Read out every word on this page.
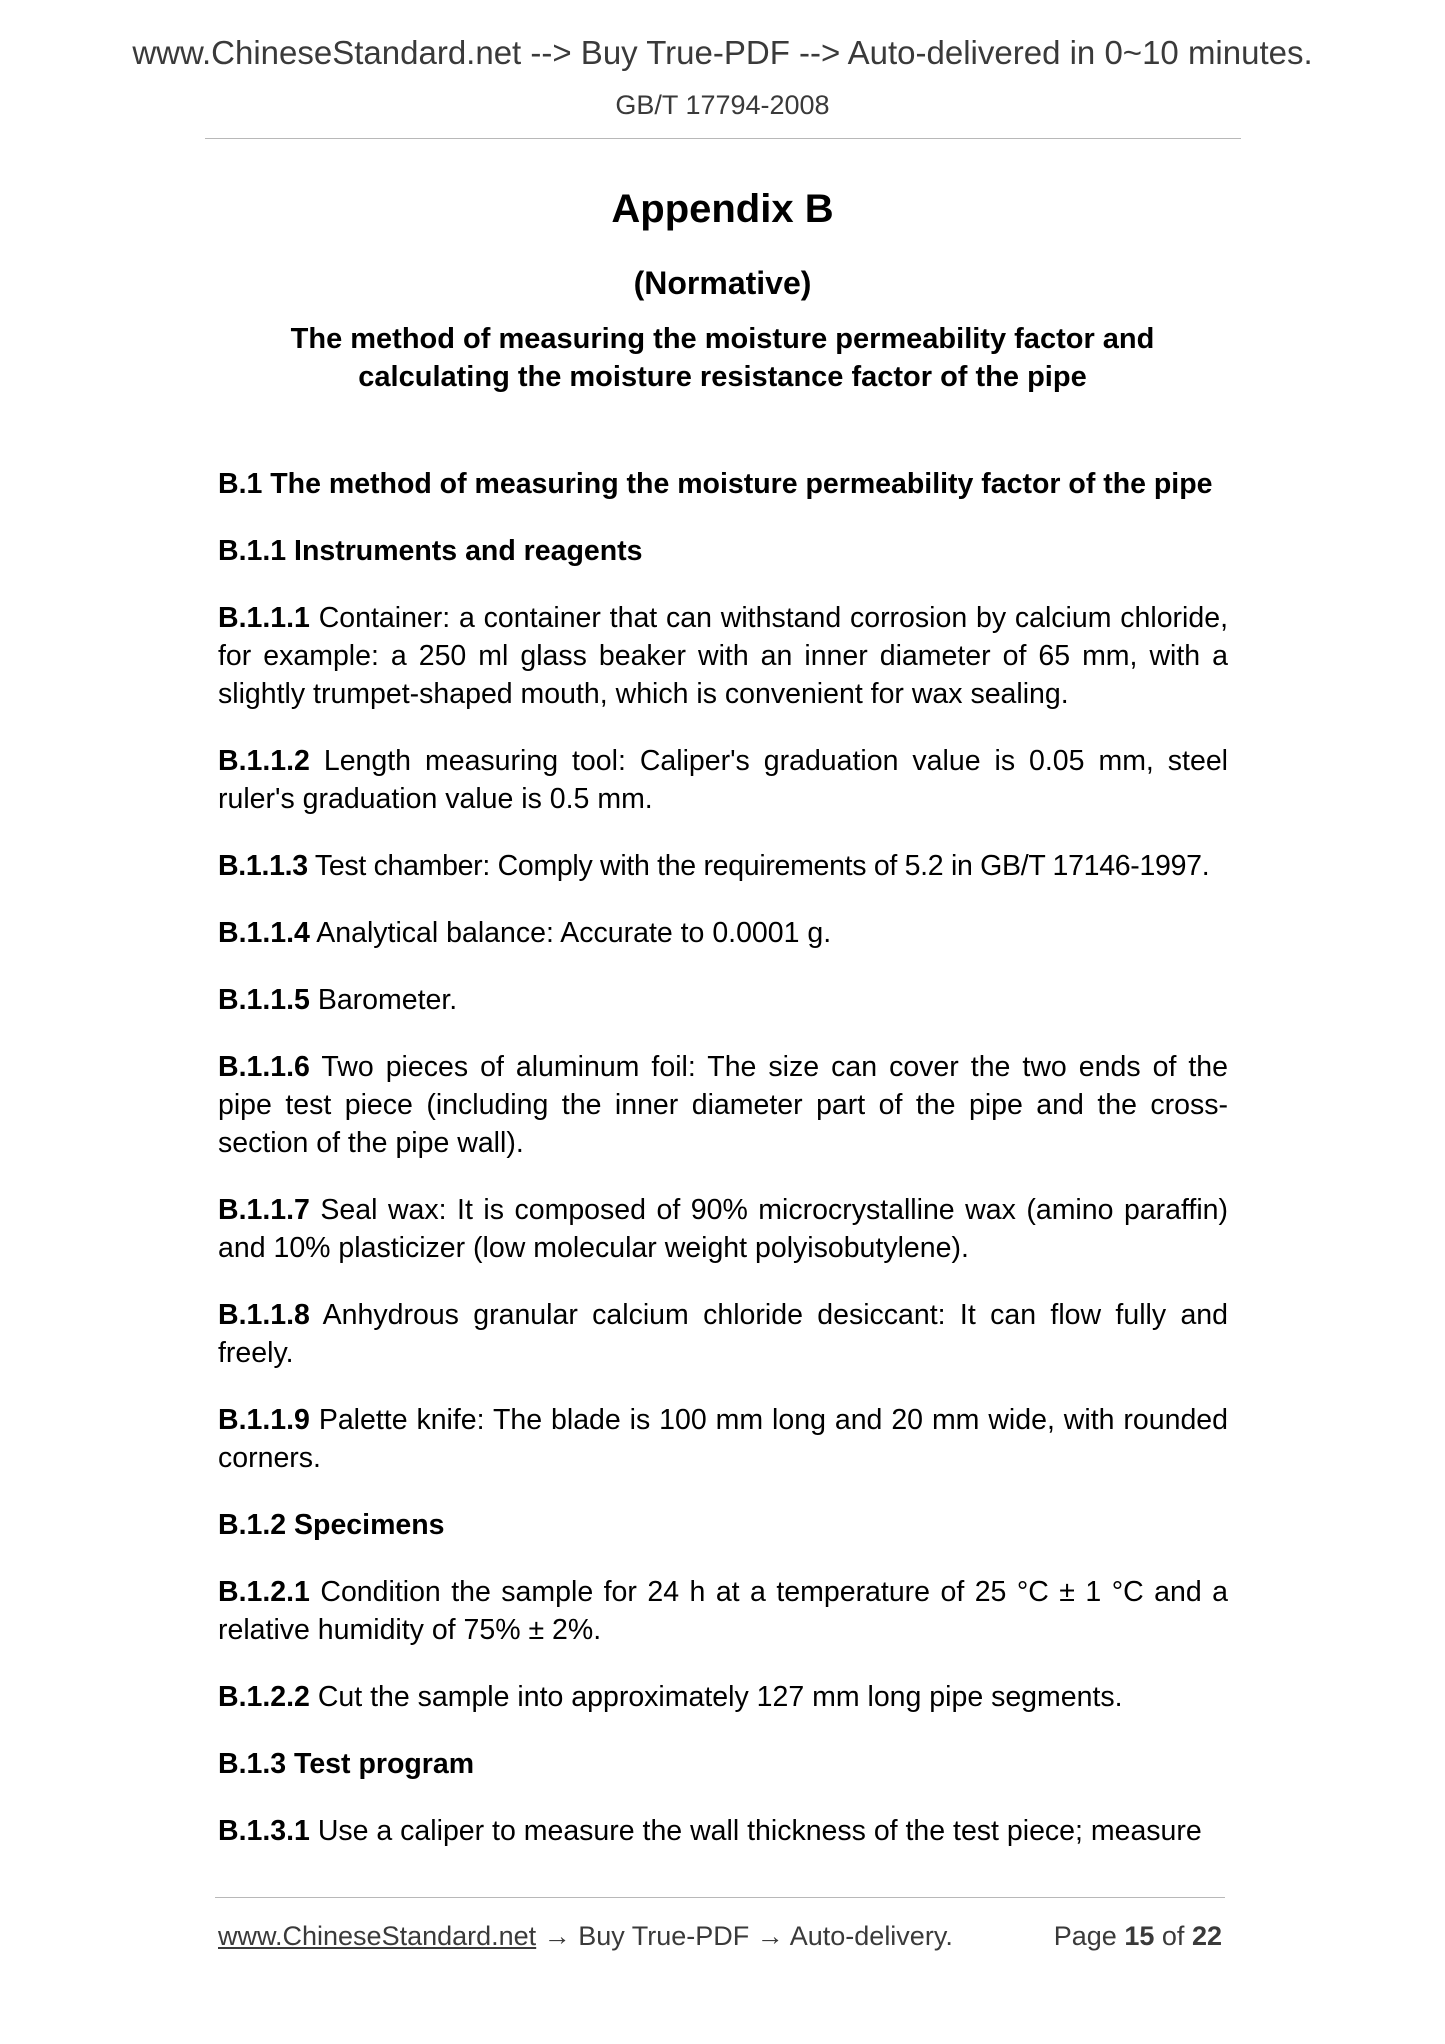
www.ChineseStandard.net --> Buy True-PDF --> Auto-delivered in 0~10 minutes.
GB/T 17794-2008
Appendix B
(Normative)
The method of measuring the moisture permeability factor and
calculating the moisture resistance factor of the pipe

B.1 The method of measuring the moisture permeability factor of the pipe

B.1.1 Instruments and reagents

B.1.1.1 Container: a container that can withstand corrosion by calcium chloride, for example: a 250 ml glass beaker with an inner diameter of 65 mm, with a slightly trumpet-shaped mouth, which is convenient for wax sealing.

B.1.1.2 Length measuring tool: Caliper's graduation value is 0.05 mm, steel ruler's graduation value is 0.5 mm.

B.1.1.3 Test chamber: Comply with the requirements of 5.2 in GB/T 17146-1997.

B.1.1.4 Analytical balance: Accurate to 0.0001 g.

B.1.1.5 Barometer.

B.1.1.6 Two pieces of aluminum foil: The size can cover the two ends of the pipe test piece (including the inner diameter part of the pipe and the cross-section of the pipe wall).

B.1.1.7 Seal wax: It is composed of 90% microcrystalline wax (amino paraffin) and 10% plasticizer (low molecular weight polyisobutylene).

B.1.1.8 Anhydrous granular calcium chloride desiccant: It can flow fully and freely.

B.1.1.9 Palette knife: The blade is 100 mm long and 20 mm wide, with rounded corners.

B.1.2 Specimens

B.1.2.1 Condition the sample for 24 h at a temperature of 25 °C ± 1 °C and a relative humidity of 75% ± 2%.

B.1.2.2 Cut the sample into approximately 127 mm long pipe segments.

B.1.3 Test program

B.1.3.1 Use a caliper to measure the wall thickness of the test piece; measure

www.ChineseStandard.net → Buy True-PDF → Auto-delivery.	Page 15 of 22
